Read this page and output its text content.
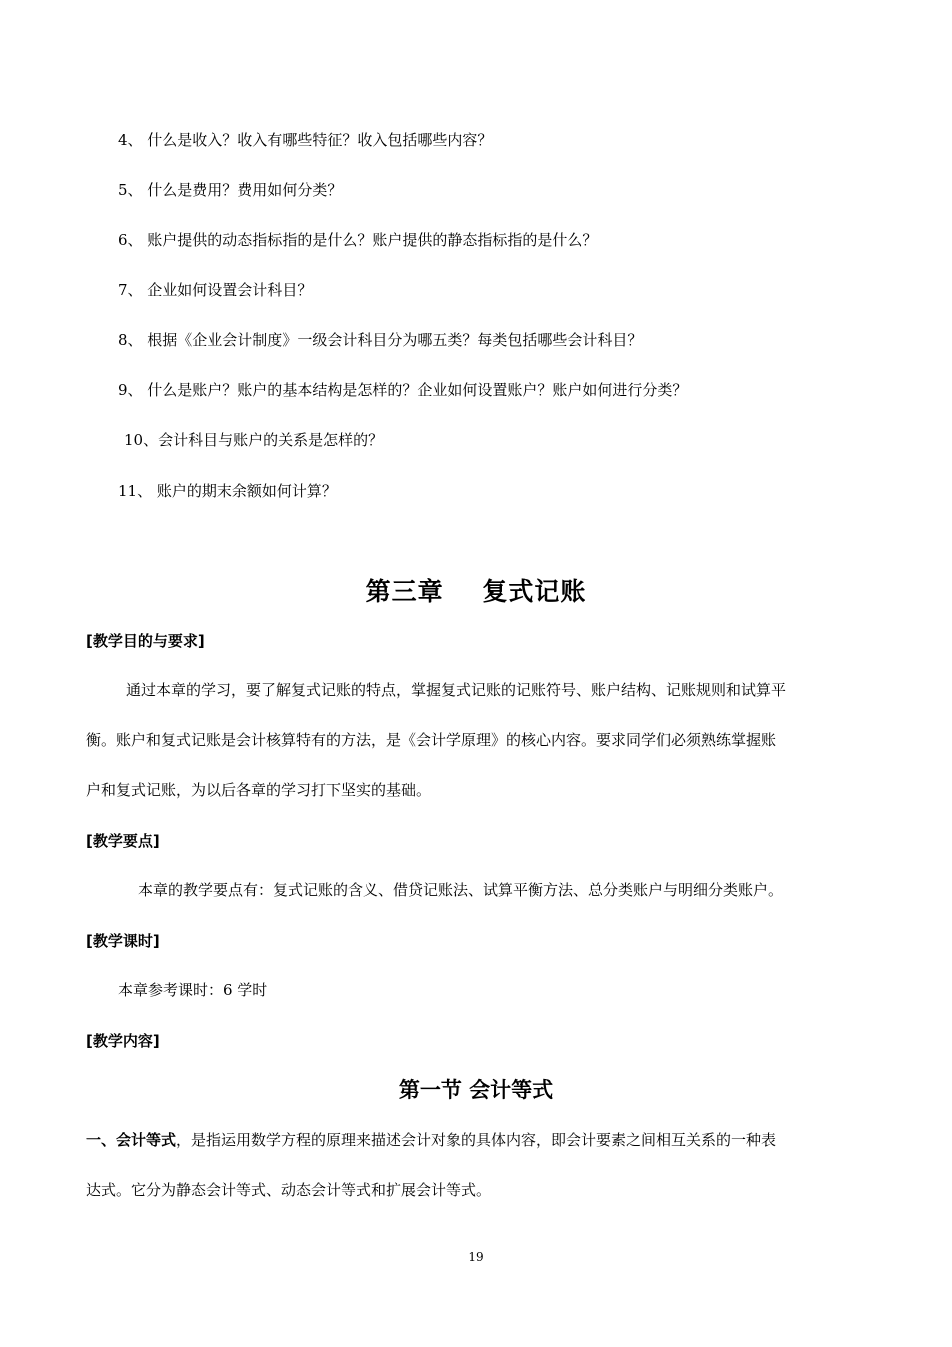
4、 什么是收入？收入有哪些特征？收入包括哪些内容？
5、 什么是费用？费用如何分类？
6、 账户提供的动态指标指的是什么？账户提供的静态指标指的是什么？
7、 企业如何设置会计科目？
8、 根据《企业会计制度》一级会计科目分为哪五类？每类包括哪些会计科目？
9、 什么是账户？账户的基本结构是怎样的？企业如何设置账户？账户如何进行分类？
10、会计科目与账户的关系是怎样的？
11、 账户的期末余额如何计算？
第三章    复式记账
[教学目的与要求]
通过本章的学习，要了解复式记账的特点，掌握复式记账的记账符号、账户结构、记账规则和试算平
衡。账户和复式记账是会计核算特有的方法，是《会计学原理》的核心内容。要求同学们必须熟练掌握账
户和复式记账，为以后各章的学习打下坚实的基础。
[教学要点]
本章的教学要点有：复式记账的含义、借贷记账法、试算平衡方法、总分类账户与明细分类账户。
[教学课时]
本章参考课时：6 学时
[教学内容]
第一节 会计等式
一、会计等式，是指运用数学方程的原理来描述会计对象的具体内容，即会计要素之间相互关系的一种表
达式。它分为静态会计等式、动态会计等式和扩展会计等式。
19
